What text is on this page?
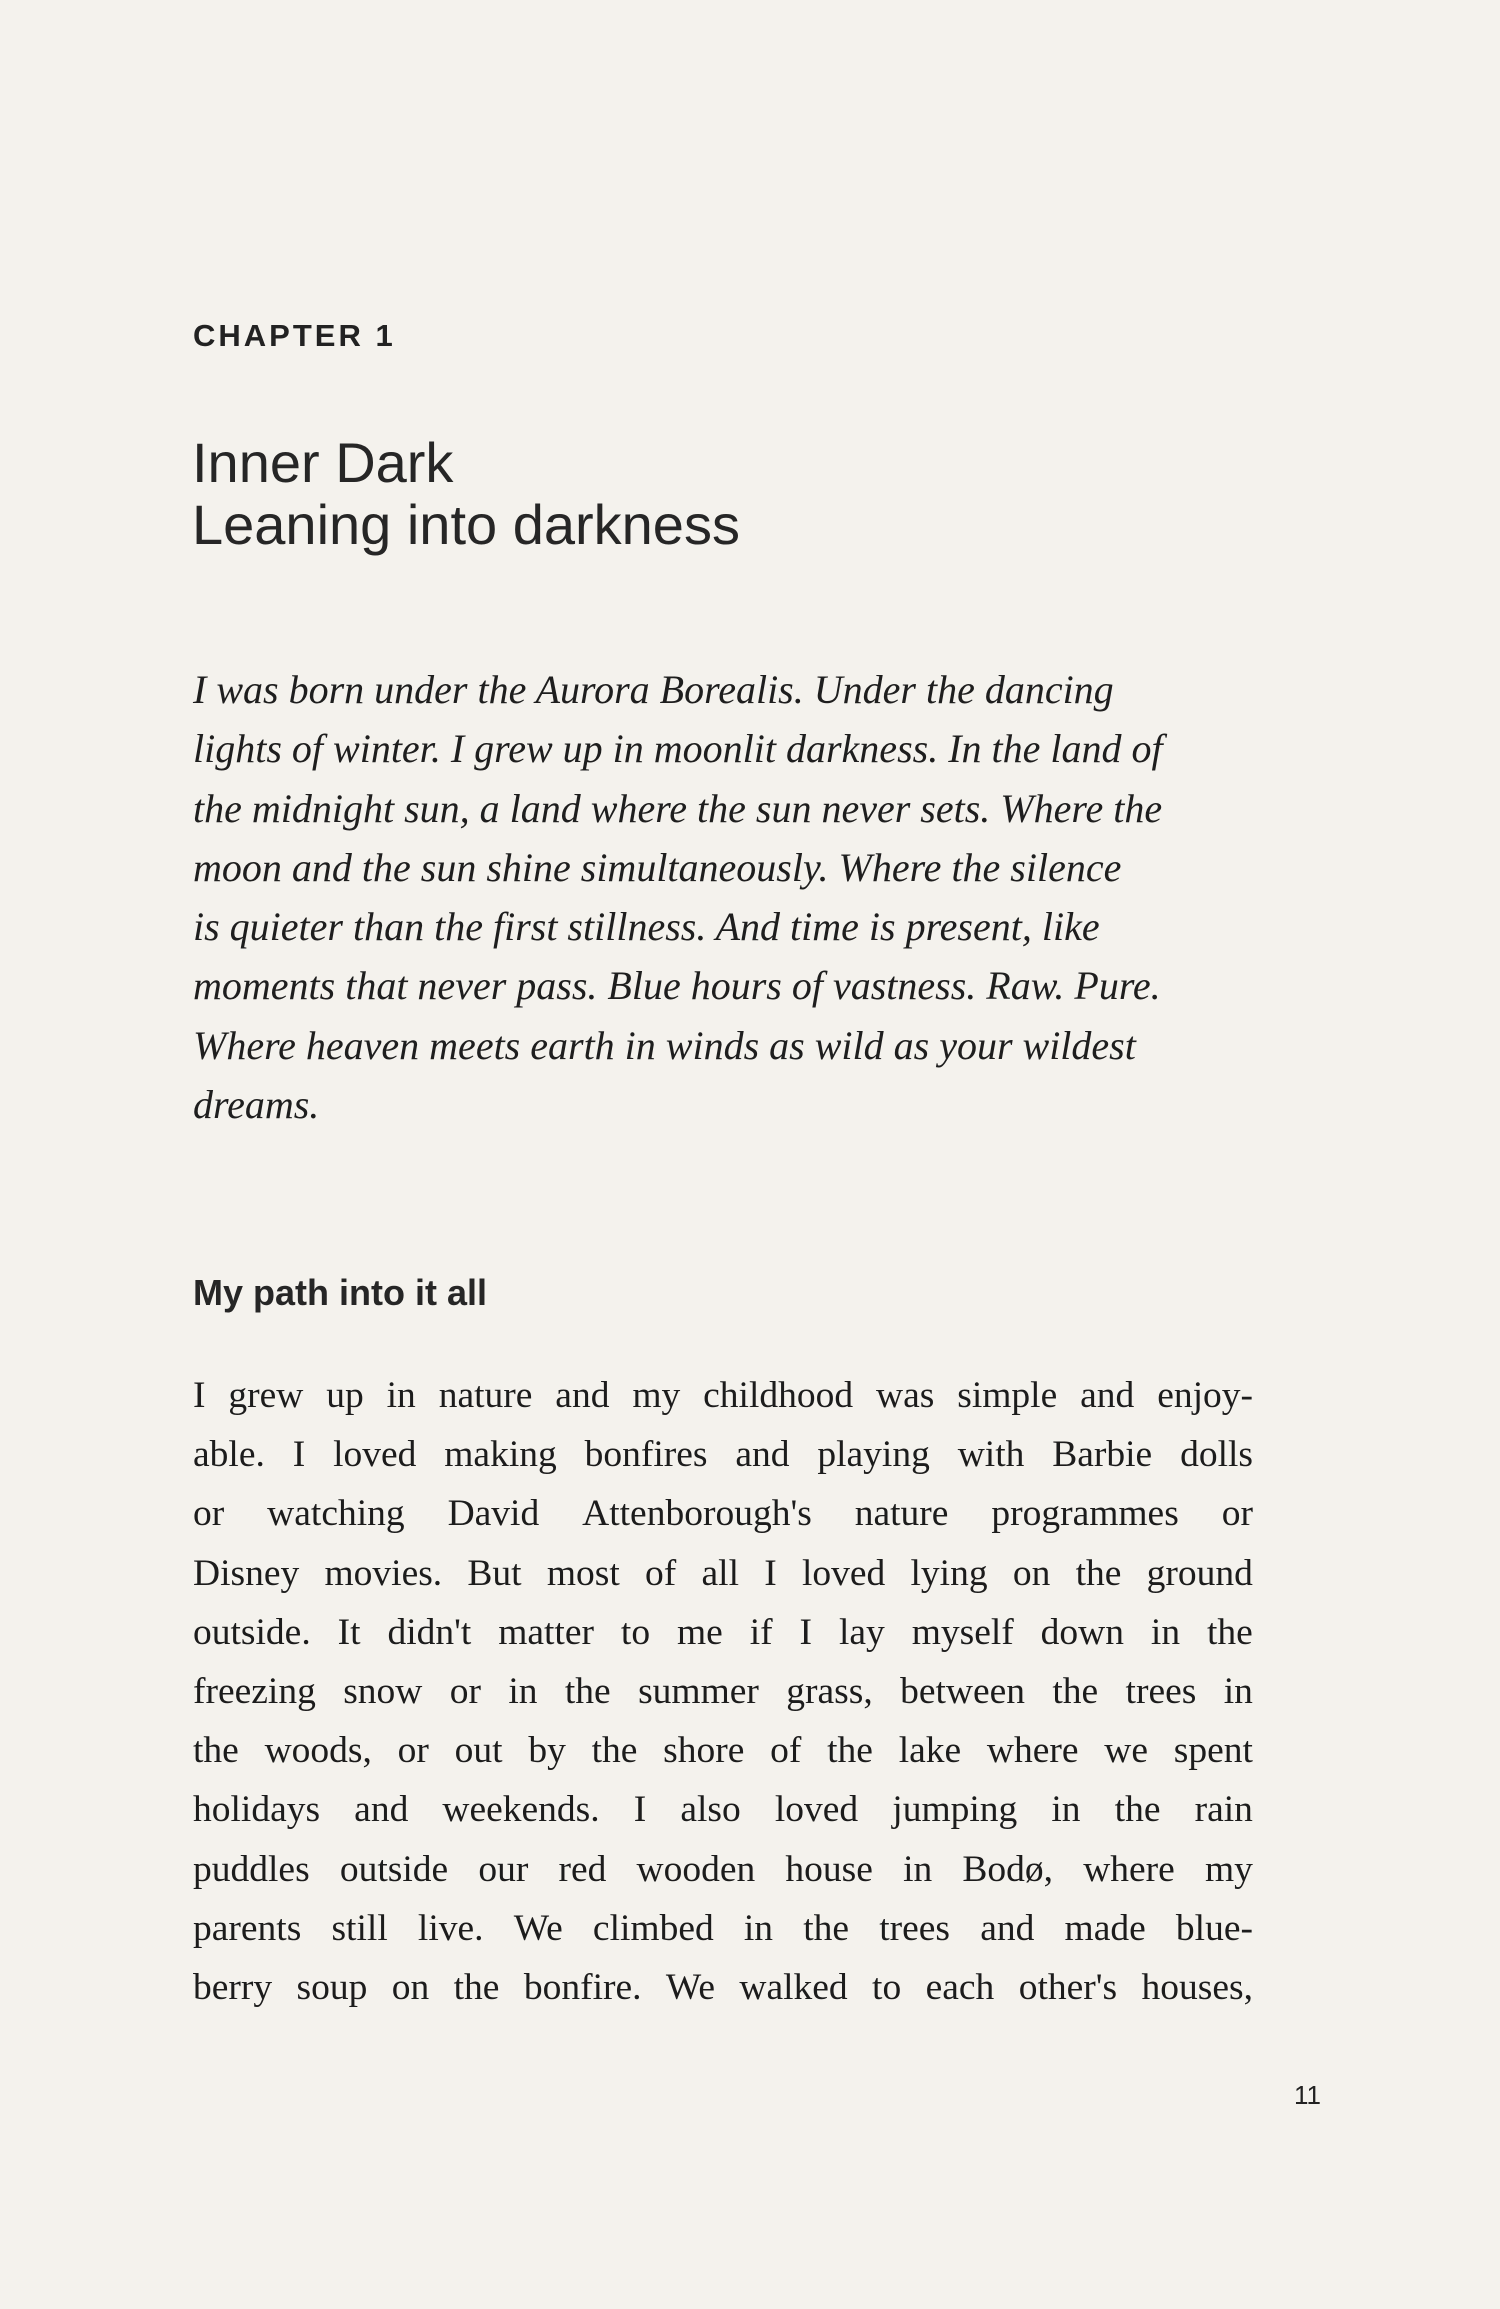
CHAPTER 1
Inner Dark
Leaning into darkness
I was born under the Aurora Borealis. Under the dancing
lights of winter. I grew up in moonlit darkness. In the land of
the midnight sun, a land where the sun never sets. Where the
moon and the sun shine simultaneously. Where the silence
is quieter than the first stillness. And time is present, like
moments that never pass. Blue hours of vastness. Raw. Pure.
Where heaven meets earth in winds as wild as your wildest
dreams.
My path into it all
I grew up in nature and my childhood was simple and enjoy-
able. I loved making bonfires and playing with Barbie dolls
or watching David Attenborough's nature programmes or
Disney movies. But most of all I loved lying on the ground
outside. It didn't matter to me if I lay myself down in the
freezing snow or in the summer grass, between the trees in
the woods, or out by the shore of the lake where we spent
holidays and weekends. I also loved jumping in the rain
puddles outside our red wooden house in Bodø, where my
parents still live. We climbed in the trees and made blue-
berry soup on the bonfire. We walked to each other's houses,
11
